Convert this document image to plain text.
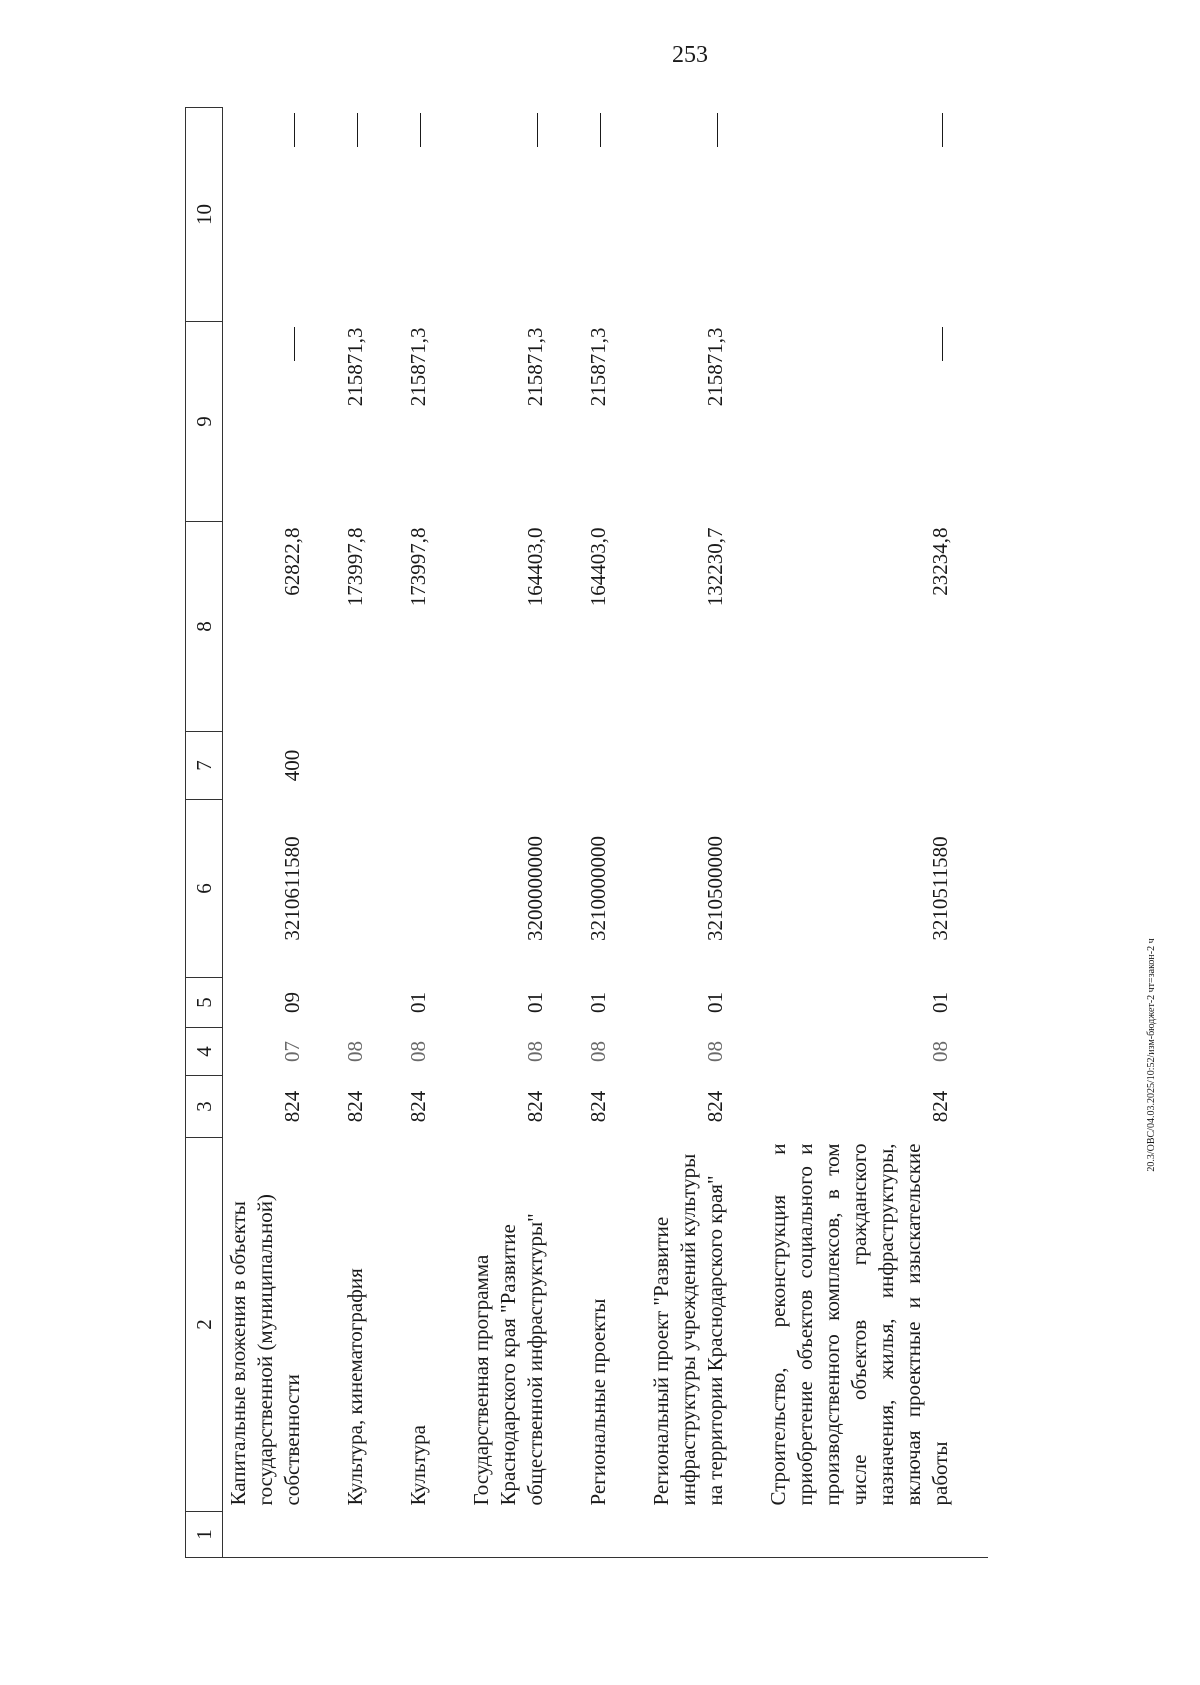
253
20.3/OBC/04.03.2025/10:52/изм-бюджет-2 чт=закон-2 ч
1	2	3	4	5	6	7	8	9	10
	Капитальные вложения в объекты государственной (муниципальной) собственности	824	07	09	3210611580	400	62822,8		
	Культура, кинематография	824	08				173997,8	215871,3	
	Культура	824	08	01			173997,8	215871,3	
	Государственная программа Краснодарского края "Развитие общественной инфраструктуры"	824	08	01	3200000000		164403,0	215871,3	
	Региональные проекты	824	08	01	3210000000		164403,0	215871,3	
	Региональный проект "Развитие инфраструктуры учреждений культуры на территории Краснодарского края"	824	08	01	3210500000		132230,7	215871,3	
	Строительство, реконструкция и приобретение объектов социального и производственного комплексов, в том числе объектов гражданского назначения, жилья, инфраструктуры, включая проектные и изыскательские работы	824	08	01	3210511580		23234,8		
